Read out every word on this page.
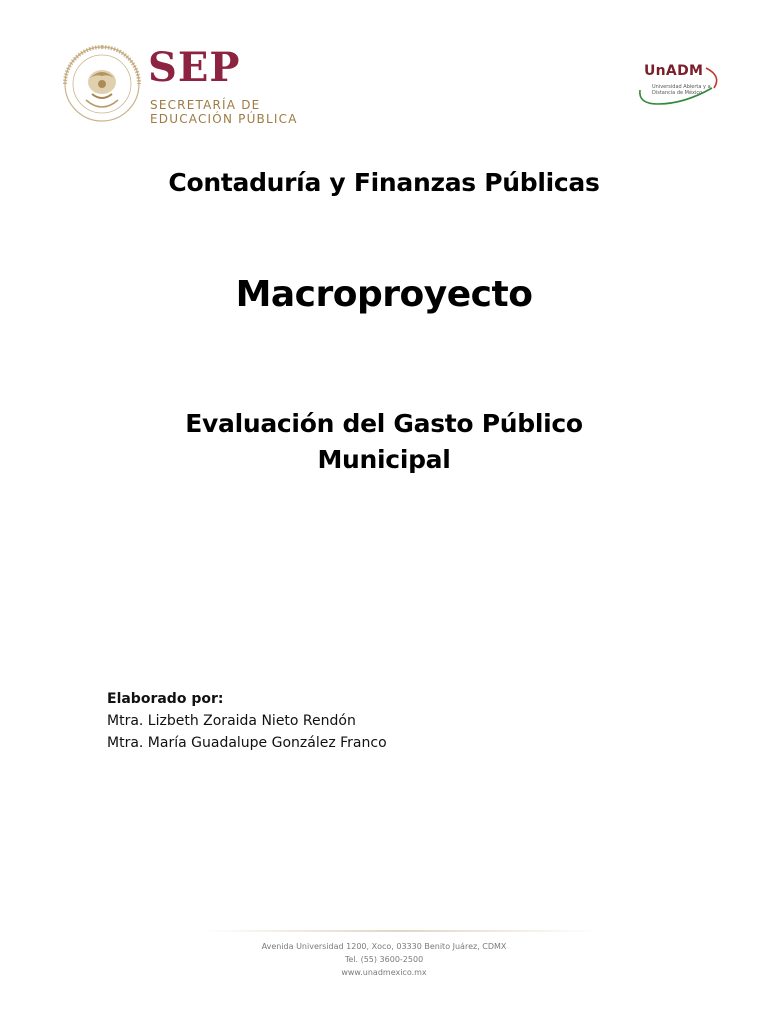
SEP
SECRETARÍA DE
EDUCACIÓN PÚBLICA
UnADM
Universidad Abierta y a
Distancia de México
Contaduría y Finanzas Públicas
Macroproyecto
Evaluación del Gasto Público
Municipal
Elaborado por:
Mtra. Lizbeth Zoraida Nieto Rendón
Mtra. María Guadalupe González Franco
Avenida Universidad 1200, Xoco, 03330 Benito Juárez, CDMX
Tel. (55) 3600-2500
www.unadmexico.mx
